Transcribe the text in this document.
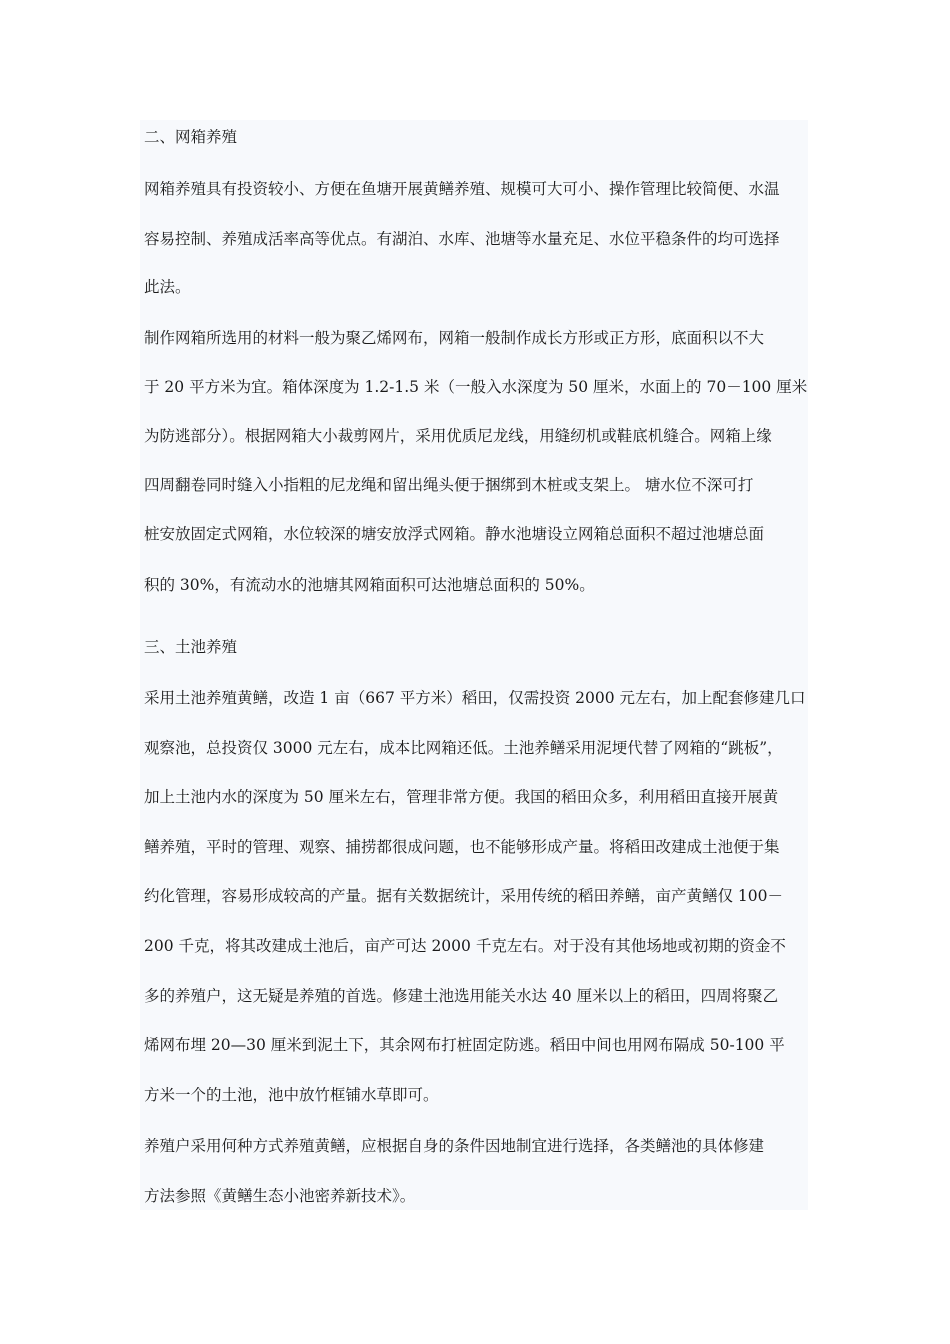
二、网箱养殖
网箱养殖具有投资较小、方便在鱼塘开展黄鳝养殖、规模可大可小、操作管理比较简便、水温
容易控制、养殖成活率高等优点。有湖泊、水库、池塘等水量充足、水位平稳条件的均可选择
此法。
制作网箱所选用的材料一般为聚乙烯网布，网箱一般制作成长方形或正方形，底面积以不大
于 20 平方米为宜。箱体深度为 1.2-1.5 米（一般入水深度为 50 厘米，水面上的 70－100 厘米
为防逃部分）。根据网箱大小裁剪网片，采用优质尼龙线，用缝纫机或鞋底机缝合。网箱上缘
四周翻卷同时缝入小指粗的尼龙绳和留出绳头便于捆绑到木桩或支架上。 塘水位不深可打
桩安放固定式网箱，水位较深的塘安放浮式网箱。静水池塘设立网箱总面积不超过池塘总面
积的 30%，有流动水的池塘其网箱面积可达池塘总面积的 50%。
三、土池养殖
采用土池养殖黄鳝，改造 1 亩（667 平方米）稻田，仅需投资 2000 元左右，加上配套修建几口
观察池，总投资仅 3000 元左右，成本比网箱还低。土池养鳝采用泥埂代替了网箱的“跳板”，
加上土池内水的深度为 50 厘米左右，管理非常方便。我国的稻田众多，利用稻田直接开展黄
鳝养殖，平时的管理、观察、捕捞都很成问题，也不能够形成产量。将稻田改建成土池便于集
约化管理，容易形成较高的产量。据有关数据统计，采用传统的稻田养鳝，亩产黄鳝仅 100－
200 千克，将其改建成土池后，亩产可达 2000 千克左右。对于没有其他场地或初期的资金不
多的养殖户，这无疑是养殖的首选。修建土池选用能关水达 40 厘米以上的稻田，四周将聚乙
烯网布埋 20—30 厘米到泥土下，其余网布打桩固定防逃。稻田中间也用网布隔成 50-100 平
方米一个的土池，池中放竹框铺水草即可。
养殖户采用何种方式养殖黄鳝，应根据自身的条件因地制宜进行选择，各类鳝池的具体修建
方法参照《黄鳝生态小池密养新技术》。
